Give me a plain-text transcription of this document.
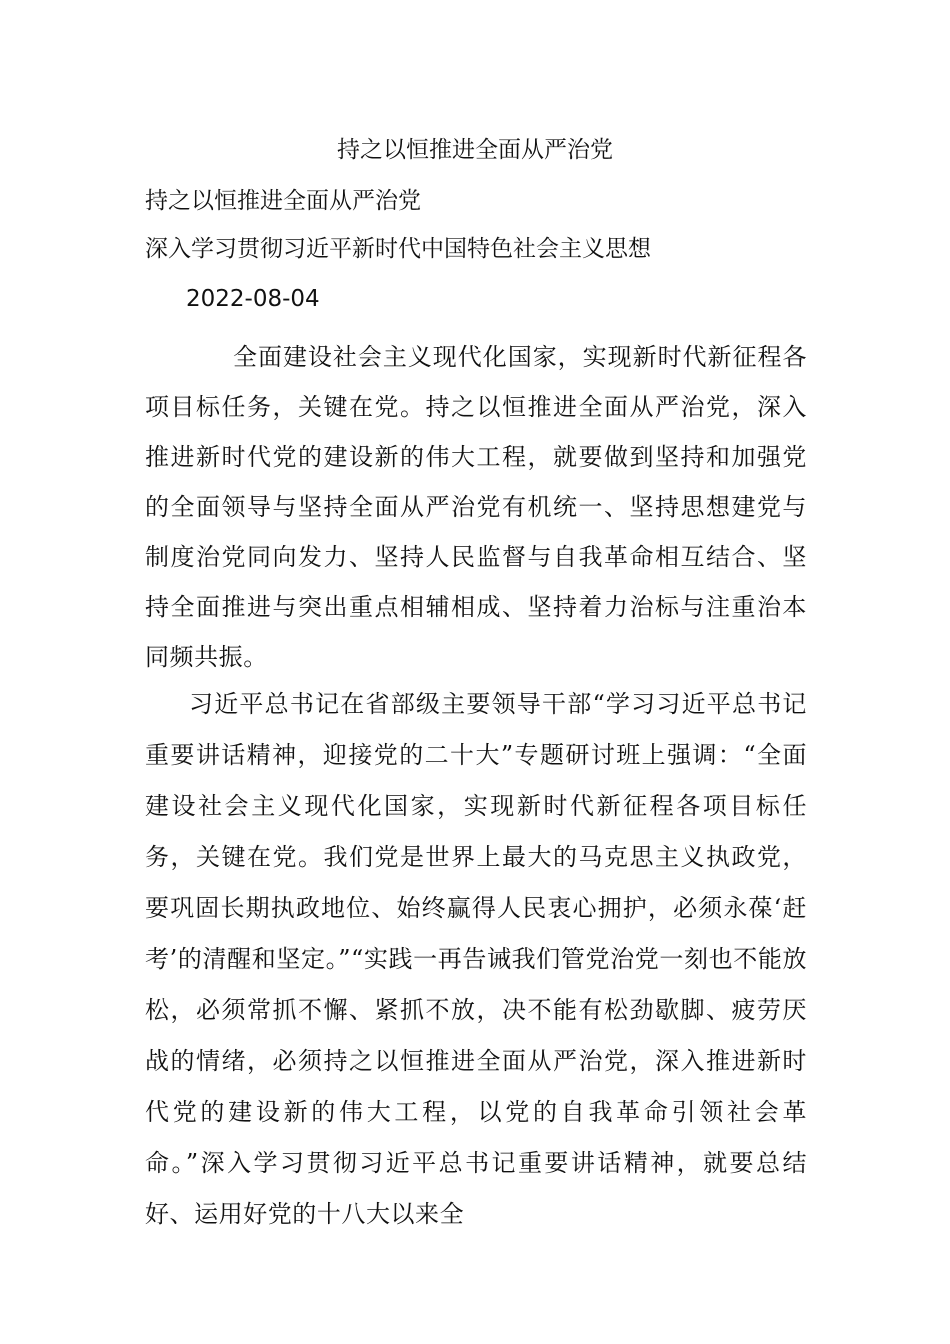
持之以恒推进全面从严治党
持之以恒推进全面从严治党
深入学习贯彻习近平新时代中国特色社会主义思想
2022-08-04

全面建设社会主义现代化国家，实现新时代新征程各项目标任务，关键在党。持之以恒推进全面从严治党，深入推进新时代党的建设新的伟大工程，就要做到坚持和加强党的全面领导与坚持全面从严治党有机统一、坚持思想建党与制度治党同向发力、坚持人民监督与自我革命相互结合、坚持全面推进与突出重点相辅相成、坚持着力治标与注重治本同频共振。

习近平总书记在省部级主要领导干部“学习习近平总书记重要讲话精神，迎接党的二十大”专题研讨班上强调：“全面建设社会主义现代化国家，实现新时代新征程各项目标任务，关键在党。我们党是世界上最大的马克思主义执政党，要巩固长期执政地位、始终赢得人民衷心拥护，必须永葆‘赶考’的清醒和坚定。”“实践一再告诫我们管党治党一刻也不能放松，必须常抓不懈、紧抓不放，决不能有松劲歇脚、疲劳厌战的情绪，必须持之以恒推进全面从严治党，深入推进新时代党的建设新的伟大工程，以党的自我革命引领社会革命。”深入学习贯彻习近平总书记重要讲话精神，就要总结好、运用好党的十八大以来全
